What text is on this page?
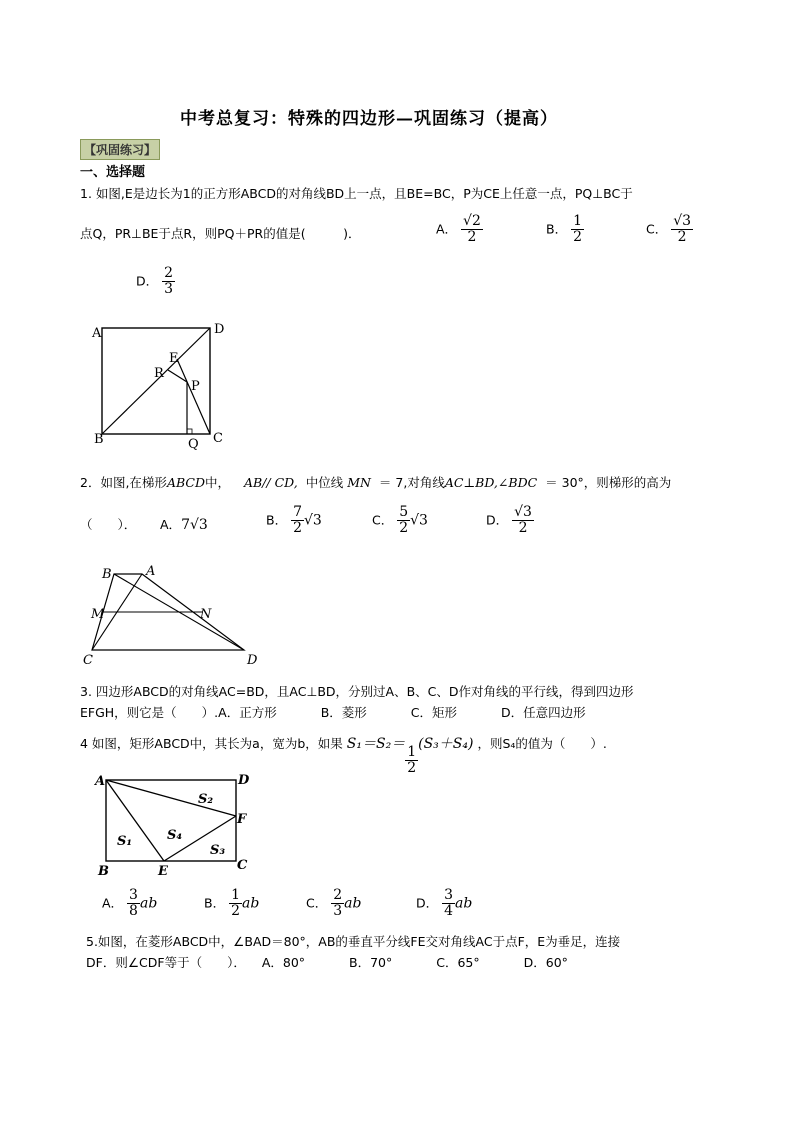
中考总复习：特殊的四边形—巩固练习（提高）
【巩固练习】
一、选择题
1. 如图,E是边长为1的正方形ABCD的对角线BD上一点，且BE=BC，P为CE上任意一点，PQ⊥BC于
点Q，PR⊥BE于点R，则PQ＋PR的值是(　　　)．	A． $\frac{√2}{2}$	B． $\frac{1}{2}$	C． $\frac{√3}{2}$
D． $\frac{2}{3}$
A	D
E
R
P
B	Q C
2．如图,在梯形ABCD中， AB// CD, 中位线 MN ＝ 7,对角线AC⊥BD,∠BDC ＝ 30°，则梯形的高为
（　　）． A．7√3	B． $\frac{7}{2} √3$	C． $\frac{5}{2} √3$	D． $\frac{√3}{2}$
B	A
M	N
C	D
3. 四边形ABCD的对角线AC=BD，且AC⊥BD，分别过A、B、C、D作对角线的平行线，得到四边形
EFGH，则它是（　　）.A．正方形	B．菱形	C．矩形	D．任意四边形
4 如图，矩形ABCD中，其长为a，宽为b，如果 S₁＝S₂＝
$\frac{1}{2}$
(S₃＋S₄) ，则S₄的值为（　　）.
A	D
S₂
F
S₁	S₄
S₃
B	E	C
A． $\frac{3}{8}$ ab	B． $\frac{1}{2}$ ab	C． $\frac{2}{3}$ ab	D． $\frac{3}{4}$ ab
5.如图，在菱形ABCD中，∠BAD＝80°，AB的垂直平分线FE交对角线AC于点F，E为垂足，连接
DF．则∠CDF等于（　　）． A．80°	B．70°	C．65°	D．60°
